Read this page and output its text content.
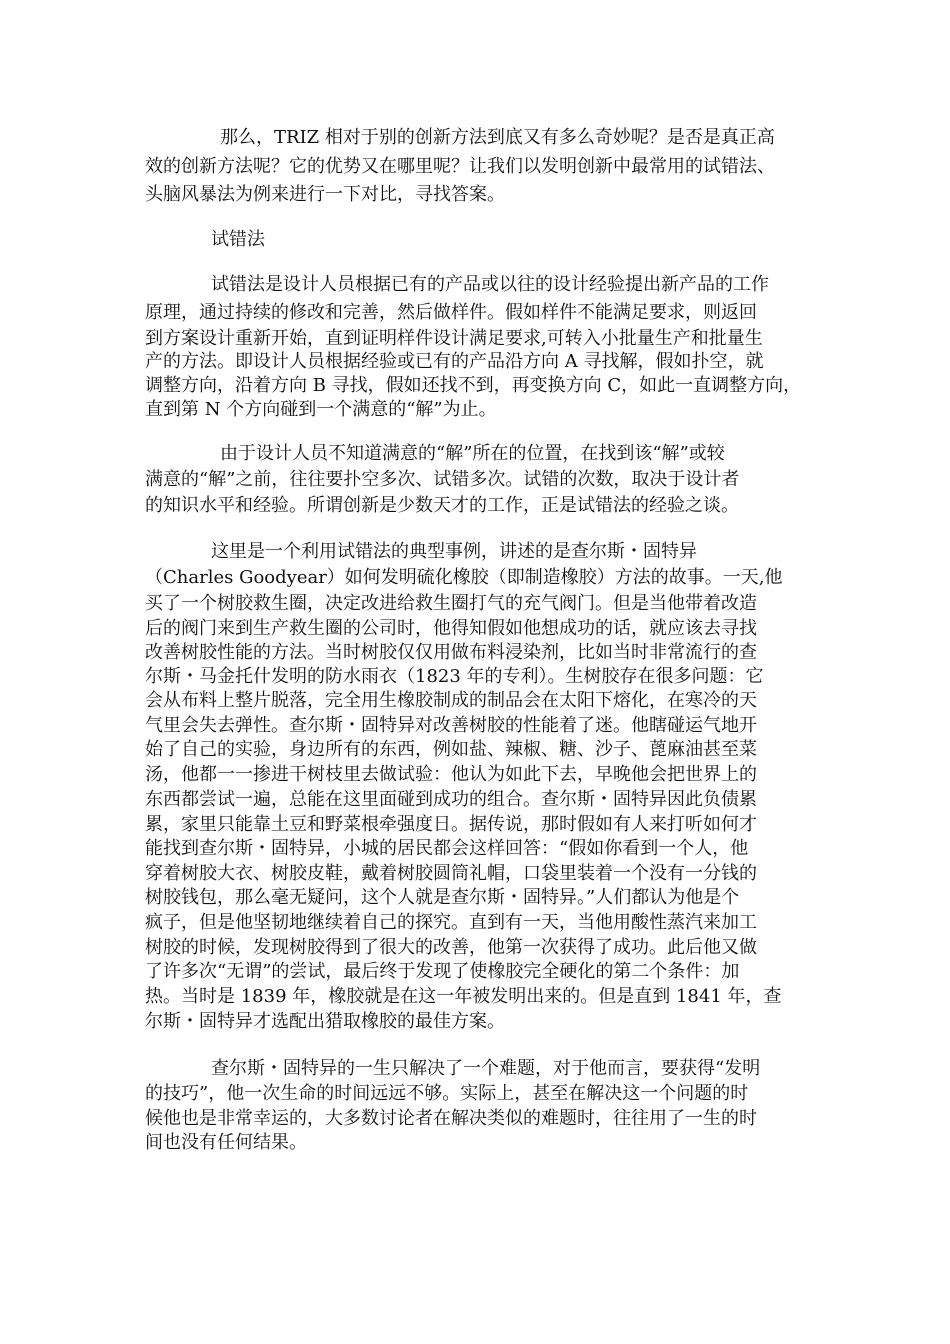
那么，TRIZ 相对于别的创新方法到底又有多么奇妙呢？是否是真正高

效的创新方法呢？它的优势又在哪里呢？让我们以发明创新中最常用的试错法、

头脑风暴法为例来进行一下对比，寻找答案。

试错法

试错法是设计人员根据已有的产品或以往的设计经验提出新产品的工作

原理，通过持续的修改和完善，然后做样件。假如样件不能满足要求，则返回

到方案设计重新开始，直到证明样件设计满足要求,可转入小批量生产和批量生

产的方法。即设计人员根据经验或已有的产品沿方向 A 寻找解，假如扑空，就

调整方向，沿着方向 B 寻找，假如还找不到，再变换方向 C，如此一直调整方向，

直到第 N 个方向碰到一个满意的“解”为止。

由于设计人员不知道满意的“解”所在的位置，在找到该“解”或较

满意的“解”之前，往往要扑空多次、试错多次。试错的次数，取决于设计者

的知识水平和经验。所谓创新是少数天才的工作，正是试错法的经验之谈。

这里是一个利用试错法的典型事例，讲述的是查尔斯・固特异

（Charles Goodyear）如何发明硫化橡胶（即制造橡胶）方法的故事。一天,他

买了一个树胶救生圈，决定改进给救生圈打气的充气阀门。但是当他带着改造

后的阀门来到生产救生圈的公司时，他得知假如他想成功的话，就应该去寻找

改善树胶性能的方法。当时树胶仅仅用做布料浸染剂，比如当时非常流行的查

尔斯・马金托什发明的防水雨衣（1823 年的专利）。生树胶存在很多问题：它

会从布料上整片脱落，完全用生橡胶制成的制品会在太阳下熔化，在寒冷的天

气里会失去弹性。查尔斯・固特异对改善树胶的性能着了迷。他瞎碰运气地开

始了自己的实验，身边所有的东西，例如盐、辣椒、糖、沙子、蓖麻油甚至菜

汤，他都一一掺进干树枝里去做试验：他认为如此下去，早晚他会把世界上的

东西都尝试一遍，总能在这里面碰到成功的组合。查尔斯・固特异因此负债累

累，家里只能靠土豆和野菜根牵强度日。据传说，那时假如有人来打听如何才

能找到查尔斯・固特异，小城的居民都会这样回答：“假如你看到一个人，他

穿着树胶大衣、树胶皮鞋，戴着树胶圆筒礼帽，口袋里装着一个没有一分钱的

树胶钱包，那么毫无疑问，这个人就是查尔斯・固特异。”人们都认为他是个

疯子，但是他坚韧地继续着自己的探究。直到有一天，当他用酸性蒸汽来加工

树胶的时候，发现树胶得到了很大的改善，他第一次获得了成功。此后他又做

了许多次“无谓”的尝试，最后终于发现了使橡胶完全硬化的第二个条件：加

热。当时是 1839 年，橡胶就是在这一年被发明出来的。但是直到 1841 年，查

尔斯・固特异才选配出猎取橡胶的最佳方案。

查尔斯・固特异的一生只解决了一个难题，对于他而言，要获得“发明

的技巧”，他一次生命的时间远远不够。实际上，甚至在解决这一个问题的时

候他也是非常幸运的，大多数讨论者在解决类似的难题时，往往用了一生的时

间也没有任何结果。
